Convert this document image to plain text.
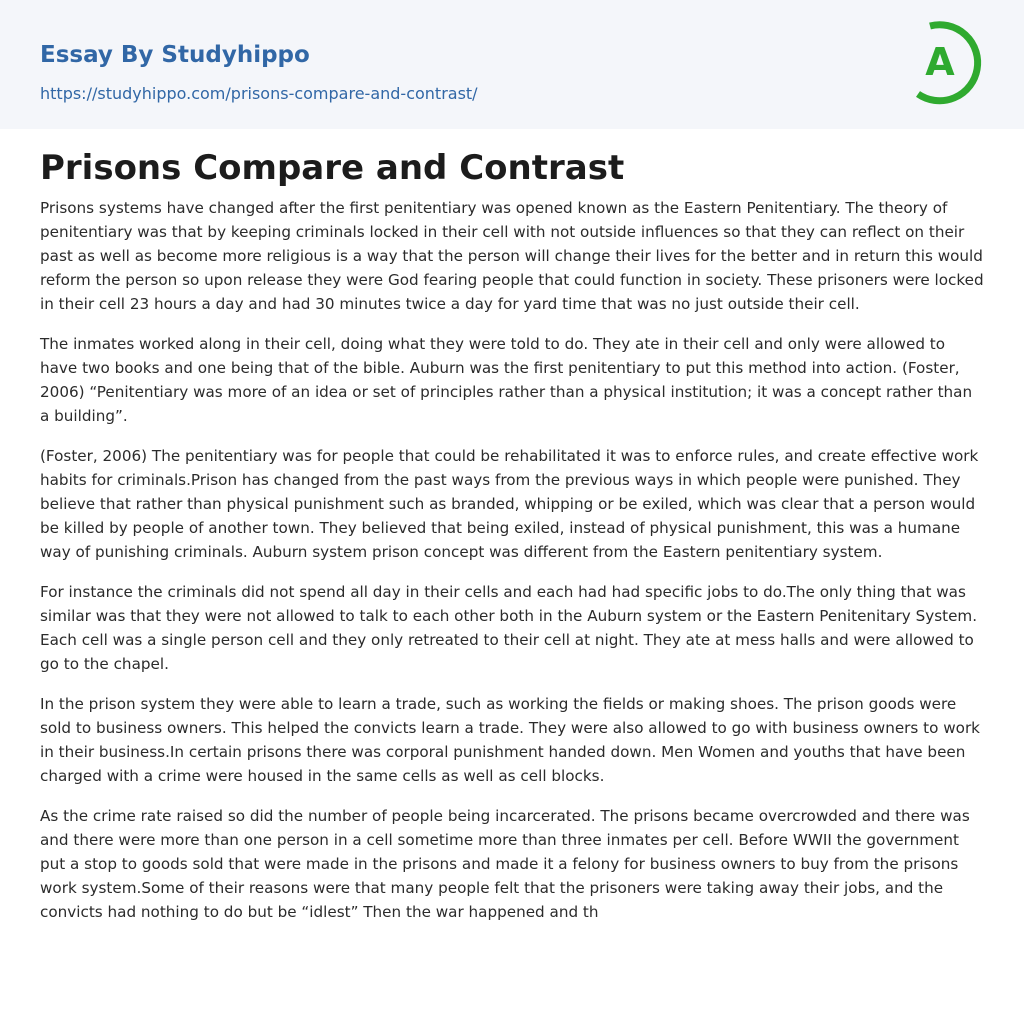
Essay By Studyhippo
https://studyhippo.com/prisons-compare-and-contrast/
A
Prisons Compare and Contrast

Prisons systems have changed after the first penitentiary was opened known as the Eastern Penitentiary. The theory of penitentiary was that by keeping criminals locked in their cell with not outside influences so that they can reflect on their past as well as become more religious is a way that the person will change their lives for the better and in return this would reform the person so upon release they were God fearing people that could function in society. These prisoners were locked in their cell 23 hours a day and had 30 minutes twice a day for yard time that was no just outside their cell.

The inmates worked along in their cell, doing what they were told to do. They ate in their cell and only were allowed to have two books and one being that of the bible. Auburn was the first penitentiary to put this method into action. (Foster, 2006) “Penitentiary was more of an idea or set of principles rather than a physical institution; it was a concept rather than a building”.

(Foster, 2006) The penitentiary was for people that could be rehabilitated it was to enforce rules, and create effective work habits for criminals.Prison has changed from the past ways from the previous ways in which people were punished. They believe that rather than physical punishment such as branded, whipping or be exiled, which was clear that a person would be killed by people of another town. They believed that being exiled, instead of physical punishment, this was a humane way of punishing criminals. Auburn system prison concept was different from the Eastern penitentiary system.

For instance the criminals did not spend all day in their cells and each had had specific jobs to do.The only thing that was similar was that they were not allowed to talk to each other both in the Auburn system or the Eastern Penitenitary System. Each cell was a single person cell and they only retreated to their cell at night. They ate at mess halls and were allowed to go to the chapel.

In the prison system they were able to learn a trade, such as working the fields or making shoes. The prison goods were sold to business owners. This helped the convicts learn a trade. They were also allowed to go with business owners to work in their business.In certain prisons there was corporal punishment handed down. Men Women and youths that have been charged with a crime were housed in the same cells as well as cell blocks.

As the crime rate raised so did the number of people being incarcerated. The prisons became overcrowded and there was and there were more than one person in a cell sometime more than three inmates per cell. Before WWII the government put a stop to goods sold that were made in the prisons and made it a felony for business owners to buy from the prisons work system.Some of their reasons were that many people felt that the prisoners were taking away their jobs, and the convicts had nothing to do but be “idlest” Then the war happened and th
